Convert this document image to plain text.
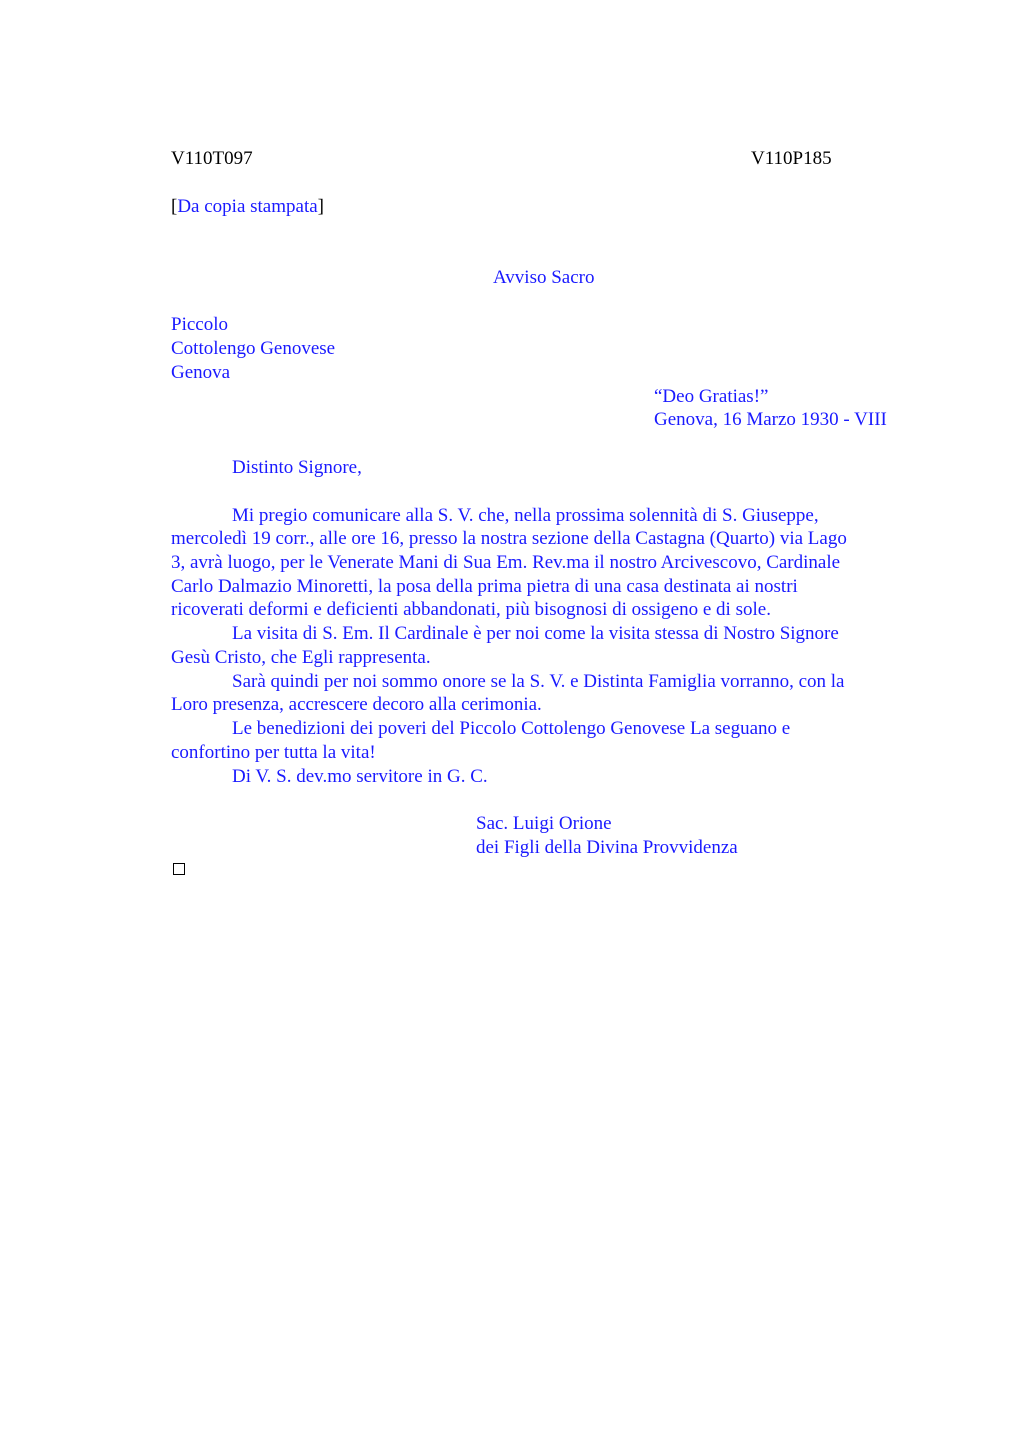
V110T097	V110P185
[Da copia stampata]
Avviso Sacro
Piccolo
Cottolengo Genovese
Genova
“Deo Gratias!”
Genova, 16 Marzo 1930 - VIII
Distinto Signore,
Mi pregio comunicare alla S. V. che, nella prossima solennità di S. Giuseppe,
mercoledì 19 corr., alle ore 16, presso la nostra sezione della Castagna (Quarto) via Lago
3, avrà luogo, per le Venerate Mani di Sua Em. Rev.ma il nostro Arcivescovo, Cardinale
Carlo Dalmazio Minoretti, la posa della prima pietra di una casa destinata ai nostri
ricoverati deformi e deficienti abbandonati, più bisognosi di ossigeno e di sole.
La visita di S. Em. Il Cardinale è per noi come la visita stessa di Nostro Signore
Gesù Cristo, che Egli rappresenta.
Sarà quindi per noi sommo onore se la S. V. e Distinta Famiglia vorranno, con la
Loro presenza, accrescere decoro alla cerimonia.
Le benedizioni dei poveri del Piccolo Cottolengo Genovese La seguano e
confortino per tutta la vita!
Di V. S. dev.mo servitore in G. C.
Sac. Luigi Orione
dei Figli della Divina Provvidenza
